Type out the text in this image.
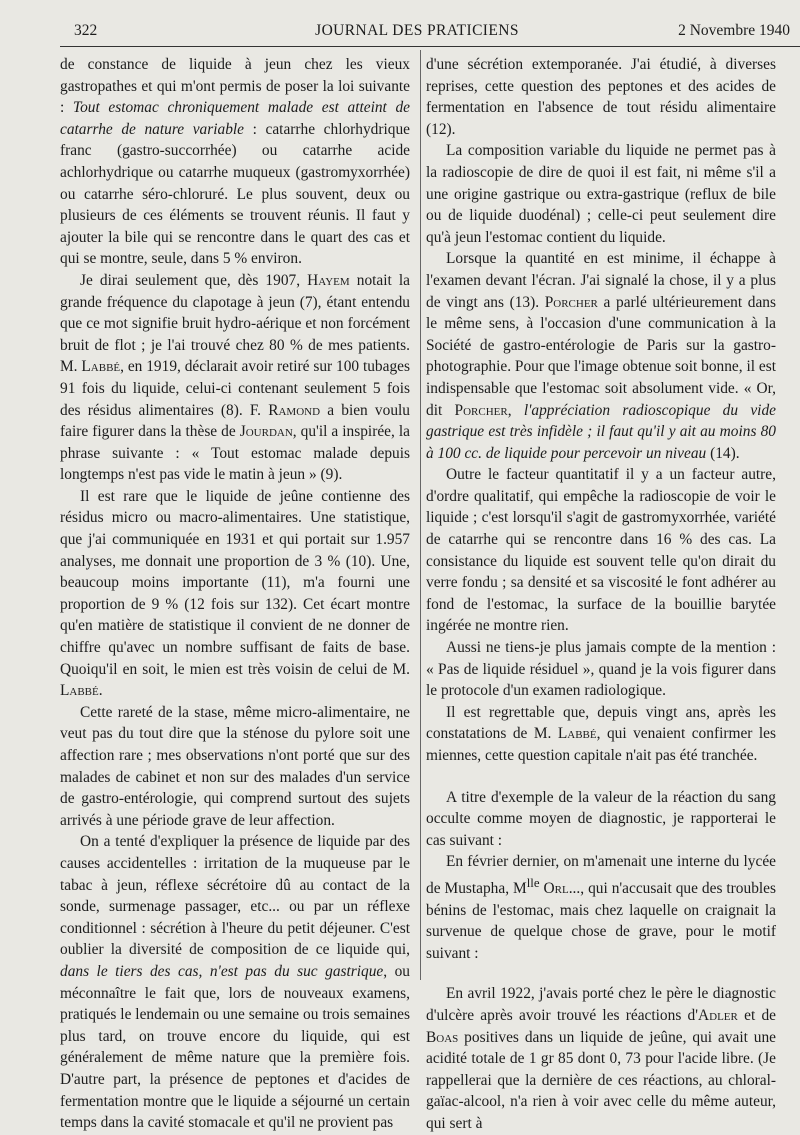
322	JOURNAL DES PRATICIENS	2 Novembre 1940

de constance de liquide à jeun chez les vieux gastropathes et qui m'ont permis de poser la loi suivante : Tout estomac chroniquement malade est atteint de catarrhe de nature variable : catarrhe chlorhydrique franc (gastro-succorrhée) ou catarrhe acide achlorhydrique ou catarrhe muqueux (gastromyxorrhée) ou catarrhe séro-chloruré. Le plus souvent, deux ou plusieurs de ces éléments se trouvent réunis. Il faut y ajouter la bile qui se rencontre dans le quart des cas et qui se montre, seule, dans 5 % environ.

Je dirai seulement que, dès 1907, Hayem notait la grande fréquence du clapotage à jeun (7), étant entendu que ce mot signifie bruit hydro-aérique et non forcément bruit de flot ; je l'ai trouvé chez 80 % de mes patients. M. Labbé, en 1919, déclarait avoir retiré sur 100 tubages 91 fois du liquide, celui-ci contenant seulement 5 fois des résidus alimentaires (8). F. Ramond a bien voulu faire figurer dans la thèse de Jourdan, qu'il a inspirée, la phrase suivante : « Tout estomac malade depuis longtemps n'est pas vide le matin à jeun » (9).

Il est rare que le liquide de jeûne contienne des résidus micro ou macro-alimentaires. Une statistique, que j'ai communiquée en 1931 et qui portait sur 1.957 analyses, me donnait une proportion de 3 % (10). Une, beaucoup moins importante (11), m'a fourni une proportion de 9 % (12 fois sur 132). Cet écart montre qu'en matière de statistique il convient de ne donner de chiffre qu'avec un nombre suffisant de faits de base. Quoiqu'il en soit, le mien est très voisin de celui de M. Labbé.

Cette rareté de la stase, même micro-alimentaire, ne veut pas du tout dire que la sténose du pylore soit une affection rare ; mes observations n'ont porté que sur des malades de cabinet et non sur des malades d'un service de gastro-entérologie, qui comprend surtout des sujets arrivés à une période grave de leur affection.

On a tenté d'expliquer la présence de liquide par des causes accidentelles : irritation de la muqueuse par le tabac à jeun, réflexe sécrétoire dû au contact de la sonde, surmenage passager, etc... ou par un réflexe conditionnel : sécrétion à l'heure du petit déjeuner. C'est oublier la diversité de composition de ce liquide qui, dans le tiers des cas, n'est pas du suc gastrique, ou méconnaître le fait que, lors de nouveaux examens, pratiqués le lendemain ou une semaine ou trois semaines plus tard, on trouve encore du liquide, qui est généralement de même nature que la première fois. D'autre part, la présence de peptones et d'acides de fermentation montre que le liquide a séjourné un certain temps dans la cavité stomacale et qu'il ne provient pas

d'une sécrétion extemporanée. J'ai étudié, à diverses reprises, cette question des peptones et des acides de fermentation en l'absence de tout résidu alimentaire (12).

La composition variable du liquide ne permet pas à la radioscopie de dire de quoi il est fait, ni même s'il a une origine gastrique ou extra-gastrique (reflux de bile ou de liquide duodénal) ; celle-ci peut seulement dire qu'à jeun l'estomac contient du liquide.

Lorsque la quantité en est minime, il échappe à l'examen devant l'écran. J'ai signalé la chose, il y a plus de vingt ans (13). Porcher a parlé ultérieurement dans le même sens, à l'occasion d'une communication à la Société de gastro-entérologie de Paris sur la gastro-photographie. Pour que l'image obtenue soit bonne, il est indispensable que l'estomac soit absolument vide. « Or, dit Porcher, l'appréciation radioscopique du vide gastrique est très infidèle ; il faut qu'il y ait au moins 80 à 100 cc. de liquide pour percevoir un niveau (14).

Outre le facteur quantitatif il y a un facteur autre, d'ordre qualitatif, qui empêche la radioscopie de voir le liquide ; c'est lorsqu'il s'agit de gastromyxorrhée, variété de catarrhe qui se rencontre dans 16 % des cas. La consistance du liquide est souvent telle qu'on dirait du verre fondu ; sa densité et sa viscosité le font adhérer au fond de l'estomac, la surface de la bouillie barytée ingérée ne montre rien.

Aussi ne tiens-je plus jamais compte de la mention : « Pas de liquide résiduel », quand je la vois figurer dans le protocole d'un examen radiologique.

Il est regrettable que, depuis vingt ans, après les constatations de M. Labbé, qui venaient confirmer les miennes, cette question capitale n'ait pas été tranchée.

A titre d'exemple de la valeur de la réaction du sang occulte comme moyen de diagnostic, je rapporterai le cas suivant :

En février dernier, on m'amenait une interne du lycée de Mustapha, $M^{lle}$ Orl..., qui n'accusait que des troubles bénins de l'estomac, mais chez laquelle on craignait la survenue de quelque chose de grave, pour le motif suivant :

En avril 1922, j'avais porté chez le père le diagnostic d'ulcère après avoir trouvé les réactions d'Adler et de Boas positives dans un liquide de jeûne, qui avait une acidité totale de 1 gr 85 dont 0, 73 pour l'acide libre. (Je rappellerai que la dernière de ces réactions, au chloral-gaïac-alcool, n'a rien à voir avec celle du même auteur, qui sert à
